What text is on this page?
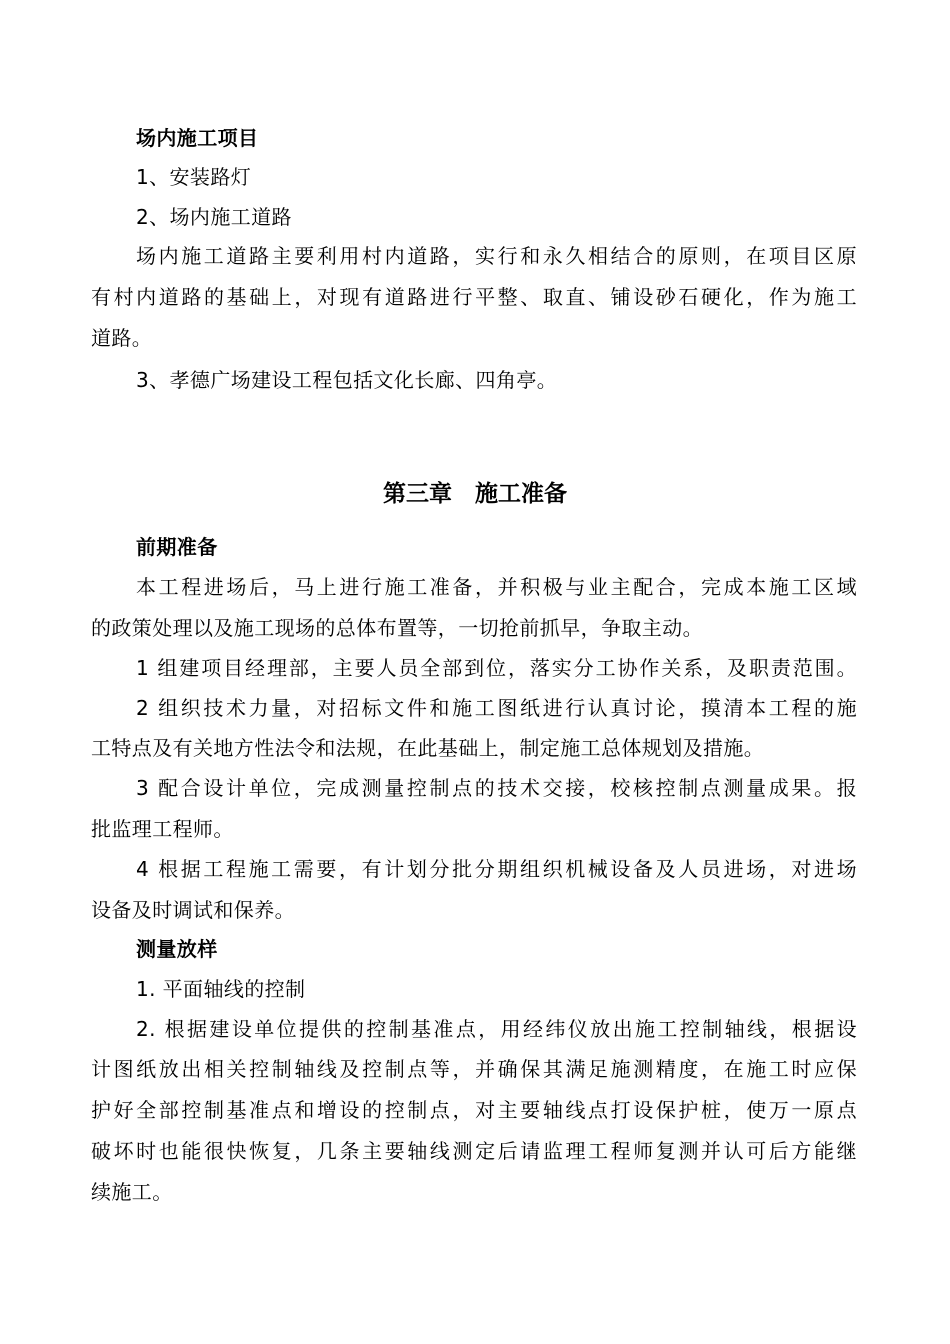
场内施工项目
1、安装路灯
2、场内施工道路
场内施工道路主要利用村内道路，实行和永久相结合的原则，在项目区原
有村内道路的基础上，对现有道路进行平整、取直、铺设砂石硬化，作为施工
道路。
3、孝德广场建设工程包括文化长廊、四角亭。
第三章　施工准备
前期准备
本工程进场后，马上进行施工准备，并积极与业主配合，完成本施工区域
的政策处理以及施工现场的总体布置等，一切抢前抓早，争取主动。
1 组建项目经理部，主要人员全部到位，落实分工协作关系，及职责范围。
2 组织技术力量，对招标文件和施工图纸进行认真讨论，摸清本工程的施
工特点及有关地方性法令和法规，在此基础上，制定施工总体规划及措施。
3 配合设计单位，完成测量控制点的技术交接，校核控制点测量成果。报
批监理工程师。
4 根据工程施工需要，有计划分批分期组织机械设备及人员进场，对进场
设备及时调试和保养。
测量放样
1. 平面轴线的控制
2. 根据建设单位提供的控制基准点，用经纬仪放出施工控制轴线，根据设
计图纸放出相关控制轴线及控制点等，并确保其满足施测精度，在施工时应保
护好全部控制基准点和增设的控制点，对主要轴线点打设保护桩，使万一原点
破坏时也能很快恢复，几条主要轴线测定后请监理工程师复测并认可后方能继
续施工。
